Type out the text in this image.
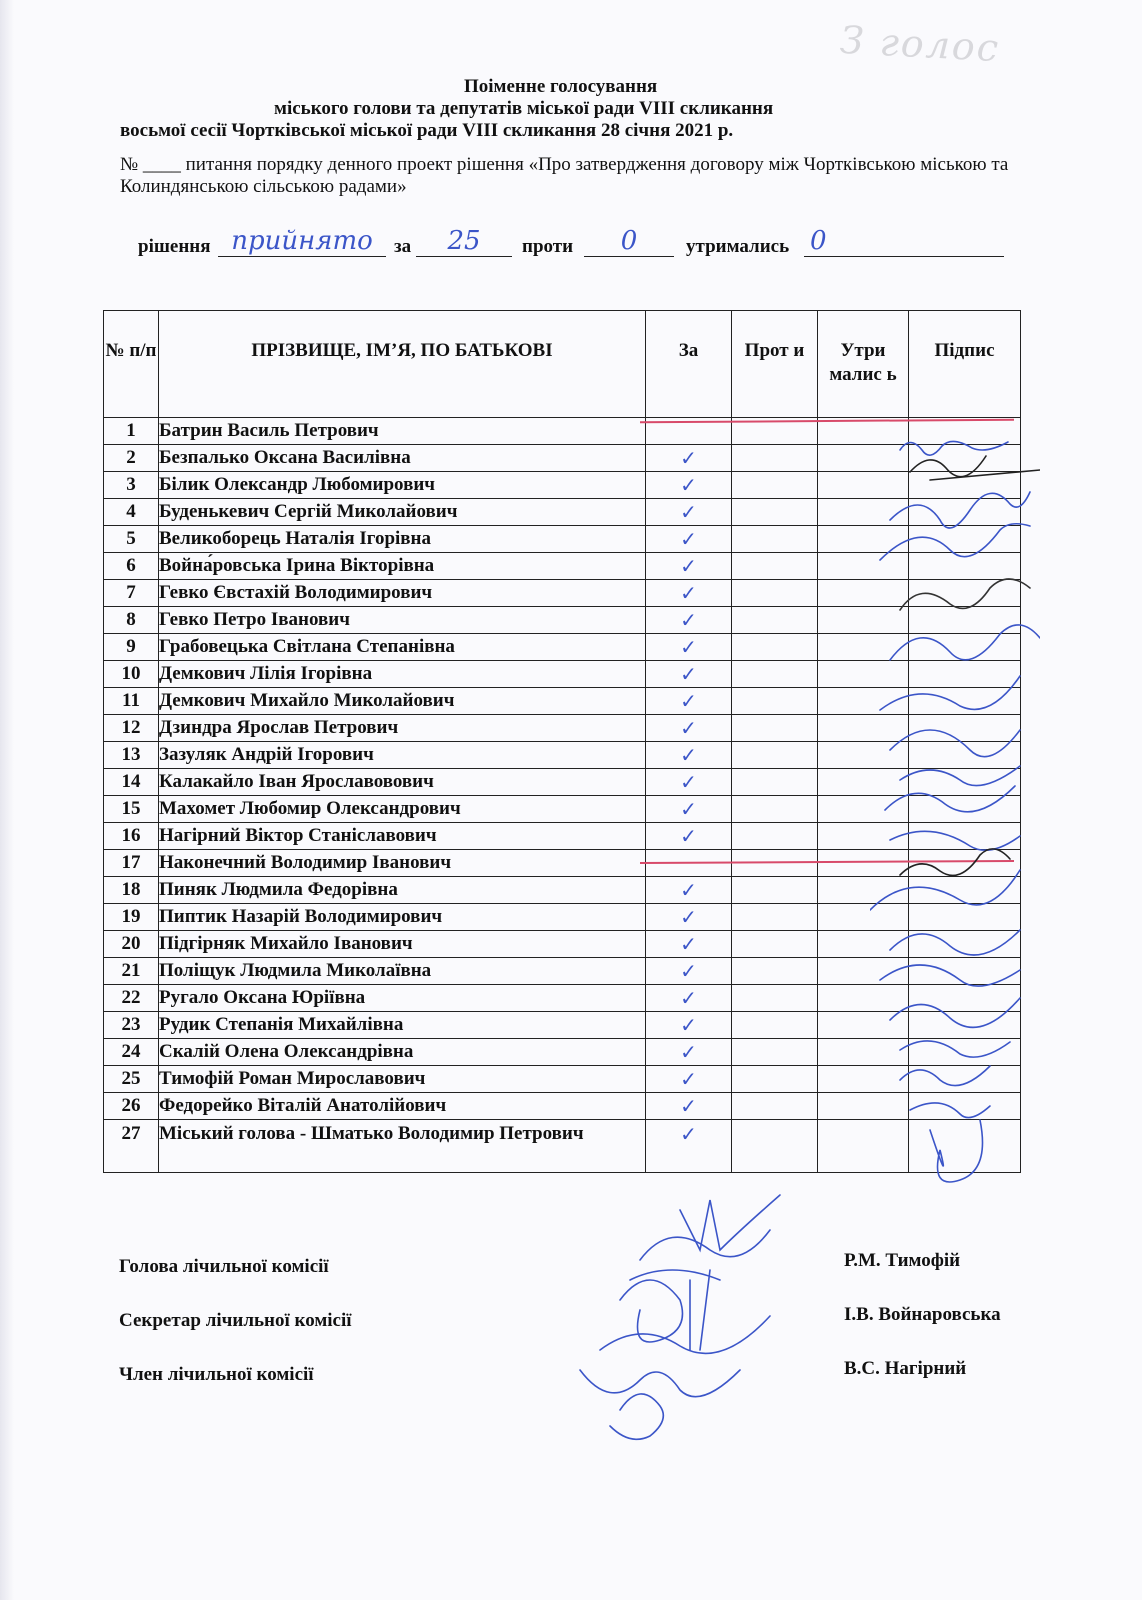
З голос
Поіменне голосування
міського голови та депутатів міської ради VIII скликання
восьмої сесії Чортківської міської ради VIII скликання 28 січня 2021 р.
№ ____ питання порядку денного проект рішення «Про затвердження договору між Чортківською міською та Колиндянською сільською радами»
рішення прийнято	за	25	проти	0	утримались 0
№ п/п	ПРІЗВИЩЕ, ІМ’Я, ПО БАТЬКОВІ	За	Прот и	Утри малис ь	Підпис
1	Батрин Василь Петрович				
2	Безпалько Оксана Василівна	✓			
3	Білик Олександр Любомирович	✓			
4	Буденькевич Сергій Миколайович	✓			
5	Великоборець Наталія Ігорівна	✓			
6	Война́ровська Ірина Вікторівна	✓			
7	Гевко Євстахій Володимирович	✓			
8	Гевко Петро Іванович	✓			
9	Грабовецька Світлана Степанівна	✓			
10	Демкович Лілія Ігорівна	✓			
11	Демкович Михайло Миколайович	✓			
12	Дзиндра Ярослав Петрович	✓			
13	Зазуляк Андрій Ігорович	✓			
14	Калакайло Іван Ярославовович	✓			
15	Махомет Любомир Олександрович	✓			
16	Нагірний Віктор Станіславович	✓			
17	Наконечний Володимир Іванович				
18	Пиняк Людмила Федорівна	✓			
19	Пиптик Назарій Володимирович	✓			
20	Підгірняк Михайло Іванович	✓			
21	Поліщук Людмила Миколаївна	✓			
22	Ругало Оксана Юріївна	✓			
23	Рудик Степанія Михайлівна	✓			
24	Скалій Олена Олександрівна	✓			
25	Тимофій Роман Мирославович	✓			
26	Федорейко Віталій Анатолійович	✓			
27	Міський голова - Шматько Володимир Петрович	✓			
Голова лічильної комісії	Р.М. Тимофій
Секретар лічильної комісії	І.В. Войнаровська
Член лічильної комісії	В.С. Нагірний
